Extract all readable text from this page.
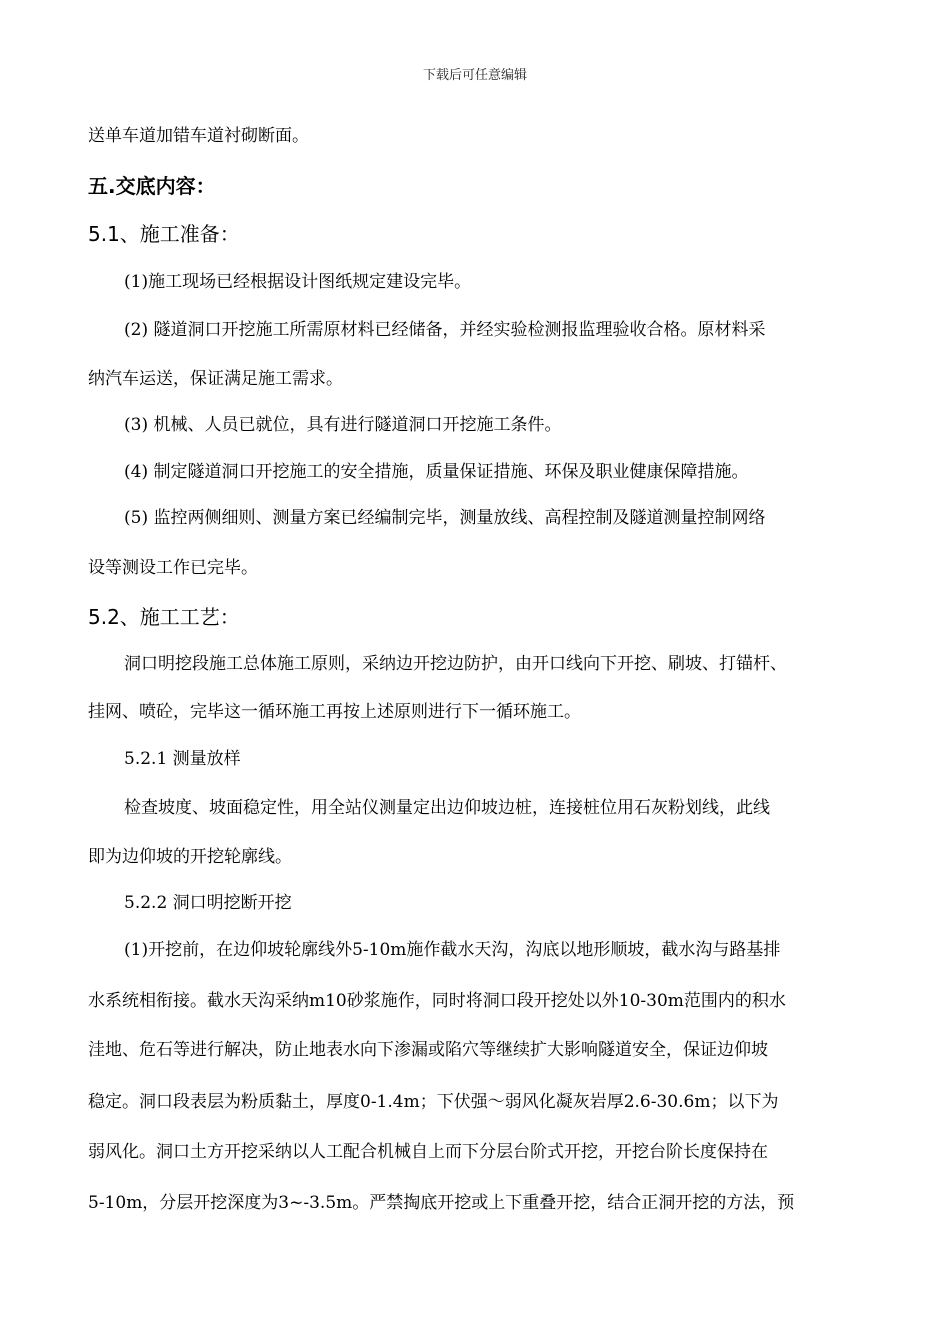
下载后可任意编辑
送单车道加错车道衬砌断面。
五.交底内容：
5.1、施工准备：
(1)施工现场已经根据设计图纸规定建设完毕。
(2) 隧道洞口开挖施工所需原材料已经储备，并经实验检测报监理验收合格。原材料采
纳汽车运送，保证满足施工需求。
(3) 机械、人员已就位，具有进行隧道洞口开挖施工条件。
(4) 制定隧道洞口开挖施工的安全措施，质量保证措施、环保及职业健康保障措施。
(5) 监控两侧细则、测量方案已经编制完毕，测量放线、高程控制及隧道测量控制网络
设等测设工作已完毕。
5.2、施工工艺：
洞口明挖段施工总体施工原则，采纳边开挖边防护，由开口线向下开挖、刷坡、打锚杆、
挂网、喷砼，完毕这一循环施工再按上述原则进行下一循环施工。
5.2.1 测量放样
检查坡度、坡面稳定性，用全站仪测量定出边仰坡边桩，连接桩位用石灰粉划线，此线
即为边仰坡的开挖轮廓线。
5.2.2 洞口明挖断开挖
(1)开挖前，在边仰坡轮廓线外5-10m施作截水天沟，沟底以地形顺坡，截水沟与路基排
水系统相衔接。截水天沟采纳m10砂浆施作，同时将洞口段开挖处以外10-30m范围内的积水
洼地、危石等进行解决，防止地表水向下渗漏或陷穴等继续扩大影响隧道安全，保证边仰坡
稳定。洞口段表层为粉质黏土，厚度0-1.4m；下伏强～弱风化凝灰岩厚2.6-30.6m；以下为
弱风化。洞口土方开挖采纳以人工配合机械自上而下分层台阶式开挖，开挖台阶长度保持在
5-10m，分层开挖深度为3~-3.5m。严禁掏底开挖或上下重叠开挖，结合正洞开挖的方法，预
